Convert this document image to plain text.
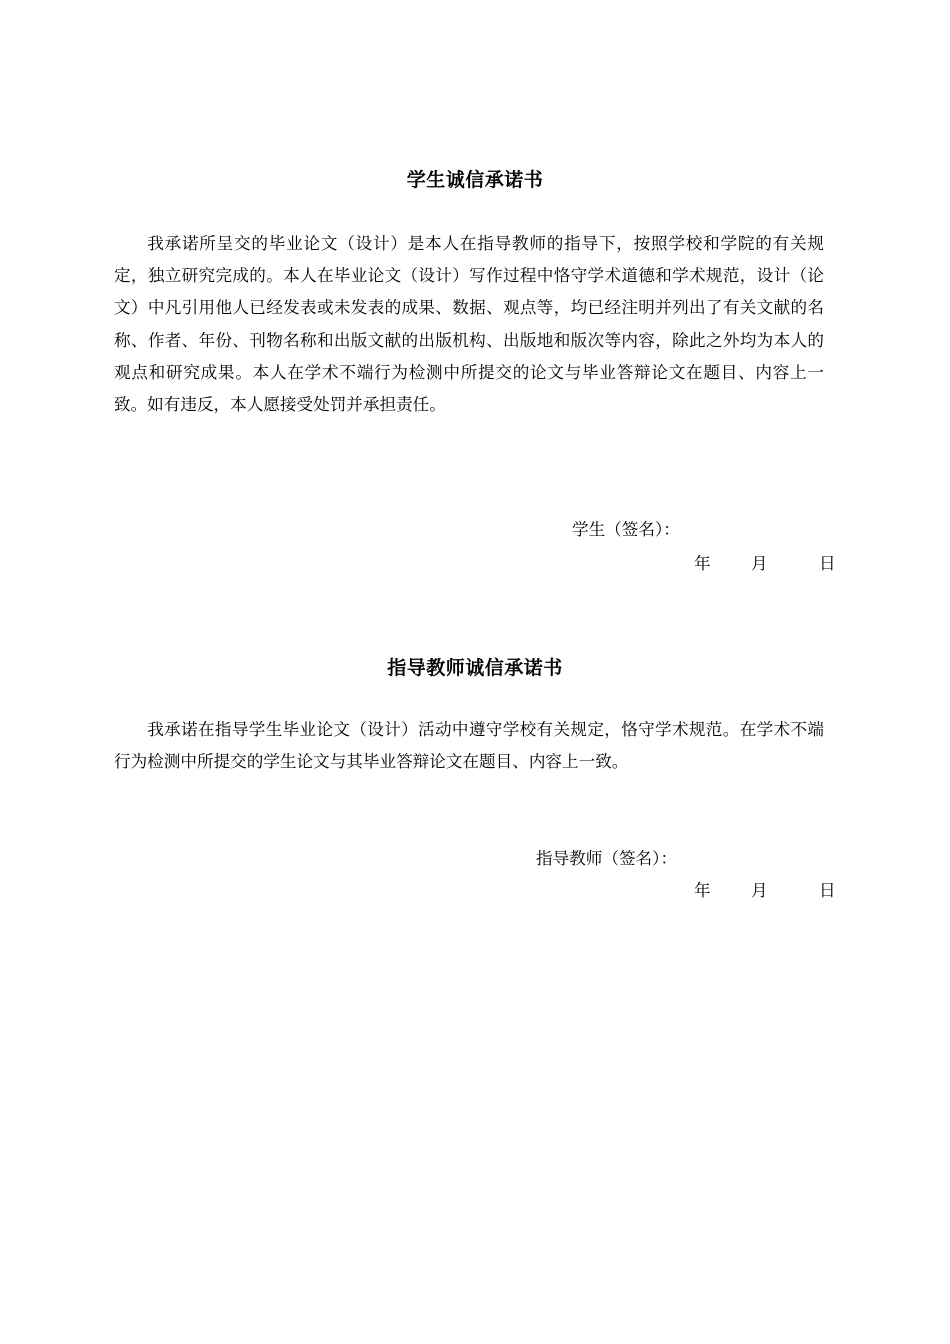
学生诚信承诺书

我承诺所呈交的毕业论文（设计）是本人在指导教师的指导下，按照学校和学院的有关规定，独立研究完成的。本人在毕业论文（设计）写作过程中恪守学术道德和学术规范，设计（论文）中凡引用他人已经发表或未发表的成果、数据、观点等，均已经注明并列出了有关文献的名称、作者、年份、刊物名称和出版文献的出版机构、出版地和版次等内容，除此之外均为本人的观点和研究成果。本人在学术不端行为检测中所提交的论文与毕业答辩论文在题目、内容上一致。如有违反，本人愿接受处罚并承担责任。

学生（签名）：
年 月	日
指导教师诚信承诺书

我承诺在指导学生毕业论文（设计）活动中遵守学校有关规定，恪守学术规范。在学术不端行为检测中所提交的学生论文与其毕业答辩论文在题目、内容上一致。

指导教师（签名）：
年 月	日
